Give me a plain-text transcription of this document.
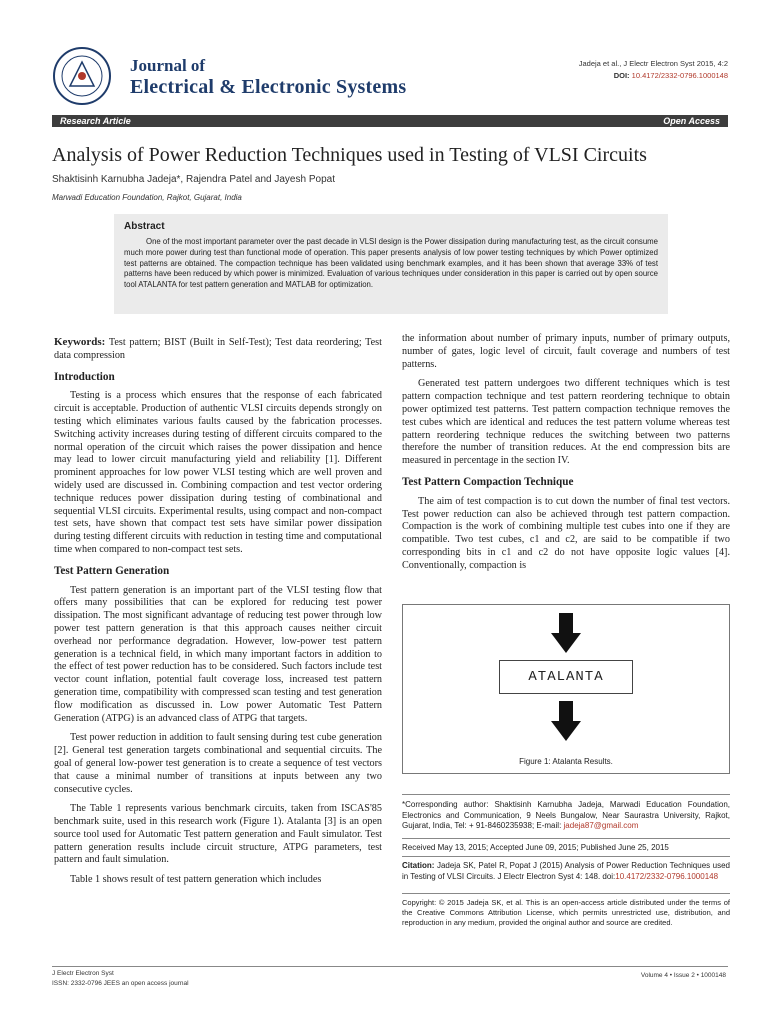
Journal of
Electrical & Electronic Systems
Jadeja et al., J Electr Electron Syst 2015, 4:2
DOI: 10.4172/2332-0796.1000148
Research Article	Open Access
Analysis of Power Reduction Techniques used in Testing of VLSI Circuits
Shaktisinh Karnubha Jadeja*, Rajendra Patel and Jayesh Popat
Marwadi Education Foundation, Rajkot, Gujarat, India
Abstract

One of the most important parameter over the past decade in VLSI design is the Power dissipation during manufacturing test, as the circuit consume much more power during test than functional mode of operation. This paper presents analysis of low power testing techniques by which Power optimized test patterns are obtained. The compaction technique has been validated using benchmark examples, and it has been shown that average 33% of test patterns have been reduced by which power is minimized. Evaluation of various techniques under consideration in this paper is carried out by open source tool ATALANTA for test pattern generation and MATLAB for optimization.

Keywords: Test pattern; BIST (Built in Self-Test); Test data reordering; Test data compression

Introduction

Testing is a process which ensures that the response of each fabricated circuit is acceptable. Production of authentic VLSI circuits depends strongly on testing which eliminates various faults caused by the fabrication processes. Switching activity increases during testing of different circuits compared to the normal operation of the circuit which raises the power dissipation and hence may lead to lower circuit manufacturing yield and reliability [1]. Different prominent approaches for low power VLSI testing which are well proven and widely used are discussed in. Combining compaction and test vector ordering technique reduces power dissipation during testing of combinational and sequential VLSI circuits. Experimental results, using compact and non-compact test sets, have shown that compact test sets have similar power dissipation during testing different circuits with reduction in testing time and computational time when compared to non-compact test sets.

Test Pattern Generation

Test pattern generation is an important part of the VLSI testing flow that offers many possibilities that can be explored for reducing test power dissipation. The most significant advantage of reducing test power through low power test pattern generation is that this approach causes neither circuit overhead nor performance degradation. However, low-power test pattern generation is a technical field, in which many important factors in addition to the effect of test power reduction has to be considered. Such factors include test vector count inflation, potential fault coverage loss, increased test pattern generation time, compatibility with compressed scan testing and test generation flow modification as discussed in. Low power Automatic Test Pattern Generation (ATPG) is an advanced class of ATPG that targets.

Test power reduction in addition to fault sensing during test cube generation [2]. General test generation targets combinational and sequential circuits. The goal of general low-power test generation is to create a sequence of test vectors that cause a minimal number of transitions at inputs between any two consecutive cycles.

The Table 1 represents various benchmark circuits, taken from ISCAS'85 benchmark suite, used in this research work (Figure 1). Atalanta [3] is an open source tool used for Automatic Test pattern generation and Fault simulator. Test pattern generation results include circuit structure, ATPG parameters, test pattern and fault simulation.

Table 1 shows result of test pattern generation which includes

the information about number of primary inputs, number of primary outputs, number of gates, logic level of circuit, fault coverage and numbers of test patterns.

Generated test pattern undergoes two different techniques which is test pattern compaction technique and test pattern reordering technique to obtain power optimized test patterns. Test pattern compaction technique removes the test cubes which are identical and reduces the test pattern volume whereas test pattern reordering technique reduces the switching between two patterns therefore the number of transition reduces. At the end compression bits are measured in percentage in the section IV.

Test Pattern Compaction Technique

The aim of test compaction is to cut down the number of final test vectors. Test power reduction can also be achieved through test pattern compaction. Compaction is the work of combining multiple test cubes into one if they are compatible. Two test cubes, c1 and c2, are said to be compatible if two corresponding bits in c1 and c2 do not have opposite logic values [4]. Conventionally, compaction is

ATALANTA
Figure 1: Atalanta Results.
*Corresponding author: Shaktisinh Karnubha Jadeja, Marwadi Education Foundation, Electronics and Communication, 9 Neels Bungalow, Near Saurastra University, Rajkot, Gujarat, India, Tel: + 91-8460235938; E-mail: jadeja87@gmail.com
Received May 13, 2015; Accepted June 09, 2015; Published June 25, 2015
Citation: Jadeja SK, Patel R, Popat J (2015) Analysis of Power Reduction Techniques used in Testing of VLSI Circuits. J Electr Electron Syst 4: 148. doi:10.4172/2332-0796.1000148
Copyright: © 2015 Jadeja SK, et al. This is an open-access article distributed under the terms of the Creative Commons Attribution License, which permits unrestricted use, distribution, and reproduction in any medium, provided the original author and source are credited.
J Electr Electron Syst
ISSN: 2332-0796 JEES an open access journal
Volume 4 • Issue 2 • 1000148
